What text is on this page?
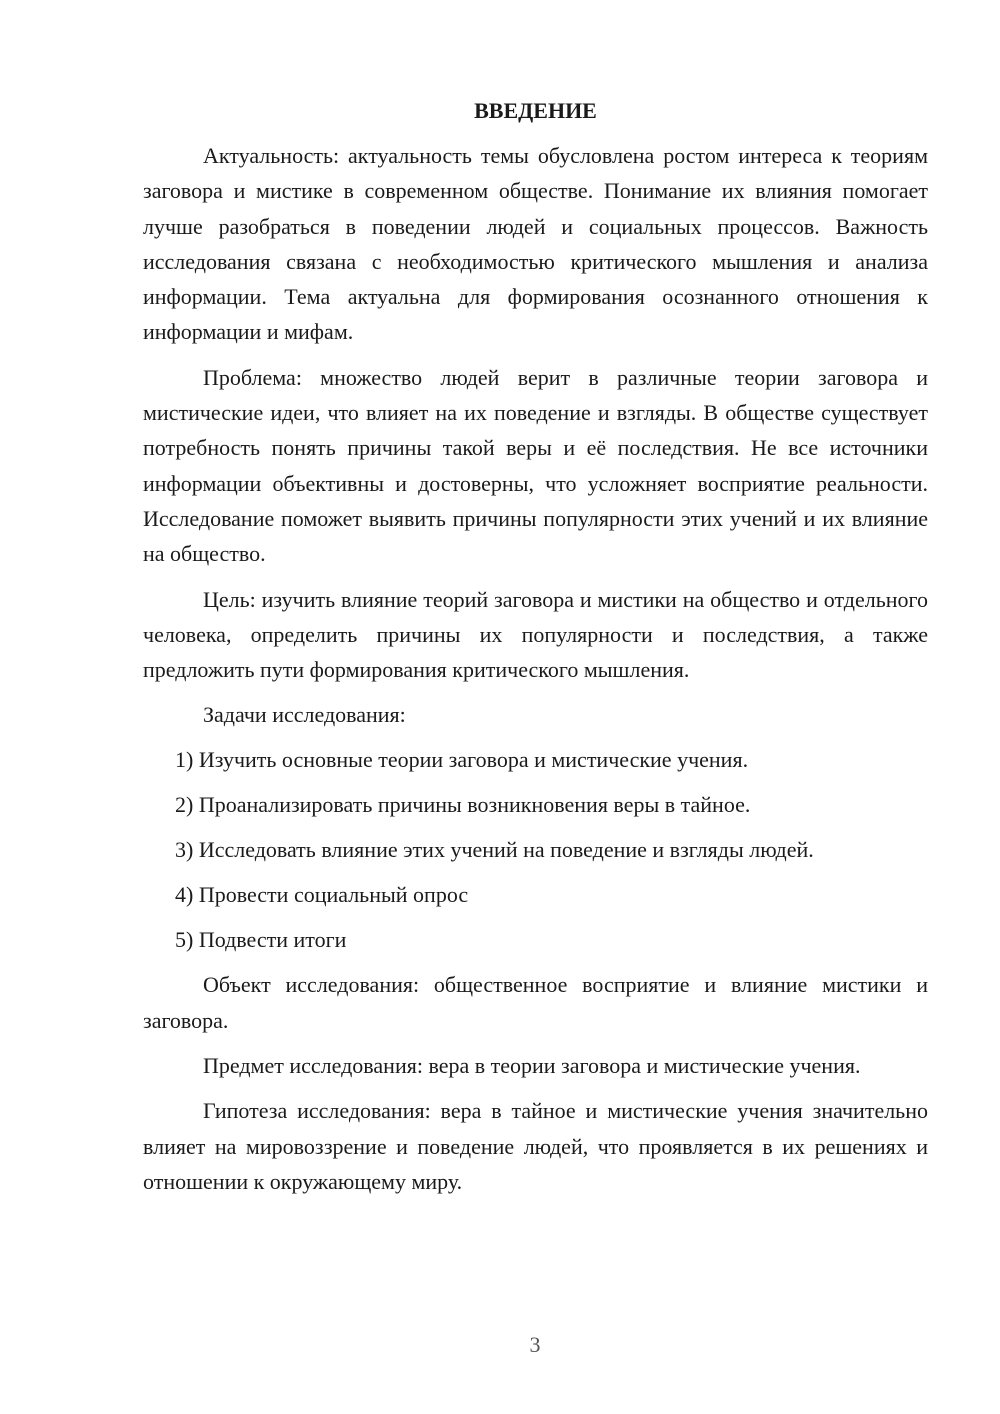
ВВЕДЕНИЕ

Актуальность: актуальность темы обусловлена ростом интереса к теориям заговора и мистике в современном обществе. Понимание их влияния помогает лучше разобраться в поведении людей и социальных процессов. Важность исследования связана с необходимостью критического мышления и анализа информации. Тема актуальна для формирования осознанного отношения к информации и мифам.

Проблема: множество людей верит в различные теории заговора и мистические идеи, что влияет на их поведение и взгляды. В обществе существует потребность понять причины такой веры и её последствия. Не все источники информации объективны и достоверны, что усложняет восприятие реальности. Исследование поможет выявить причины популярности этих учений и их влияние на общество.

Цель: изучить влияние теорий заговора и мистики на общество и отдельного человека, определить причины их популярности и последствия, а также предложить пути формирования критического мышления.

Задачи исследования:
1) Изучить основные теории заговора и мистические учения.
2) Проанализировать причины возникновения веры в тайное.
3) Исследовать влияние этих учений на поведение и взгляды людей.
4) Провести социальный опрос
5) Подвести итоги

Объект исследования: общественное восприятие и влияние мистики и заговора.

Предмет исследования: вера в теории заговора и мистические учения.

Гипотеза исследования: вера в тайное и мистические учения значительно влияет на мировоззрение и поведение людей, что проявляется в их решениях и отношении к окружающему миру.

3
